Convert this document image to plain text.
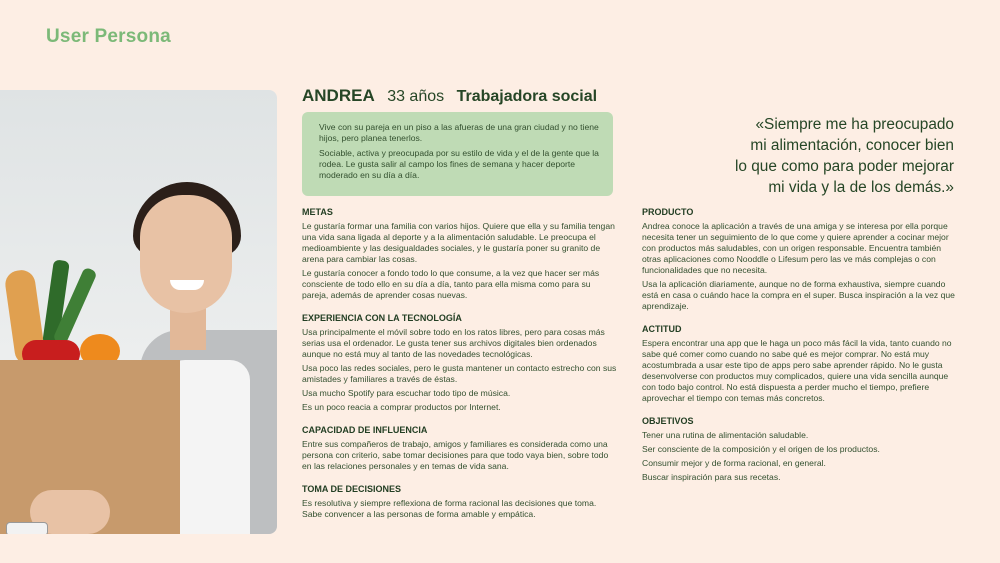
User Persona
ANDREA 33 años Trabajadora social

Vive con su pareja en un piso a las afueras de una gran ciudad y no tiene hijos, pero planea tenerlos.

Sociable, activa y preocupada por su estilo de vida y el de la gente que la rodea. Le gusta salir al campo los fines de semana y hacer deporte moderado en su día a día.

«Siempre me ha preocupado
mi alimentación, conocer bien
lo que como para poder mejorar
mi vida y la de los demás.»
METAS

Le gustaría formar una familia con varios hijos. Quiere que ella y su familia tengan una vida sana ligada al deporte y a la alimentación saludable. Le preocupa el medioambiente y las desigualdades sociales, y le gustaría poner su granito de arena para cambiar las cosas.

Le gustaría conocer a fondo todo lo que consume, a la vez que hacer ser más consciente de todo ello en su día a día, tanto para ella misma como para su pareja, además de aprender cosas nuevas.

EXPERIENCIA CON LA TECNOLOGÍA

Usa principalmente el móvil sobre todo en los ratos libres, pero para cosas más serias usa el ordenador. Le gusta tener sus archivos digitales bien ordenados aunque no está muy al tanto de las novedades tecnológicas.

Usa poco las redes sociales, pero le gusta mantener un contacto estrecho con sus amistades y familiares a través de éstas.

Usa mucho Spotify para escuchar todo tipo de música.

Es un poco reacia a comprar productos por Internet.

CAPACIDAD DE INFLUENCIA

Entre sus compañeros de trabajo, amigos y familiares es considerada como una persona con criterio, sabe tomar decisiones para que todo vaya bien, sobre todo en las relaciones personales y en temas de vida sana.

TOMA DE DECISIONES

Es resolutiva y siempre reflexiona de forma racional las decisiones que toma. Sabe convencer a las personas de forma amable y empática.

PRODUCTO

Andrea conoce la aplicación a través de una amiga y se interesa por ella porque necesita tener un seguimiento de lo que come y quiere aprender a cocinar mejor con productos más saludables, con un origen responsable. Encuentra también otras aplicaciones como Nooddle o Lifesum pero las ve más complejas o con funcionalidades que no necesita.

Usa la aplicación diariamente, aunque no de forma exhaustiva, siempre cuando está en casa o cuándo hace la compra en el super. Busca inspiración a la vez que aprendizaje.

ACTITUD

Espera encontrar una app que le haga un poco más fácil la vida, tanto cuando no sabe qué comer como cuando no sabe qué es mejor comprar. No está muy acostumbrada a usar este tipo de apps pero sabe aprender rápido. No le gusta desenvolverse con productos muy complicados, quiere una vida sencilla aunque con todo bajo control. No está dispuesta a perder mucho el tiempo, prefiere aprovechar el tiempo con temas más concretos.

OBJETIVOS

Tener una rutina de alimentación saludable.

Ser consciente de la composición y el origen de los productos.

Consumir mejor y de forma racional, en general.

Buscar inspiración para sus recetas.
